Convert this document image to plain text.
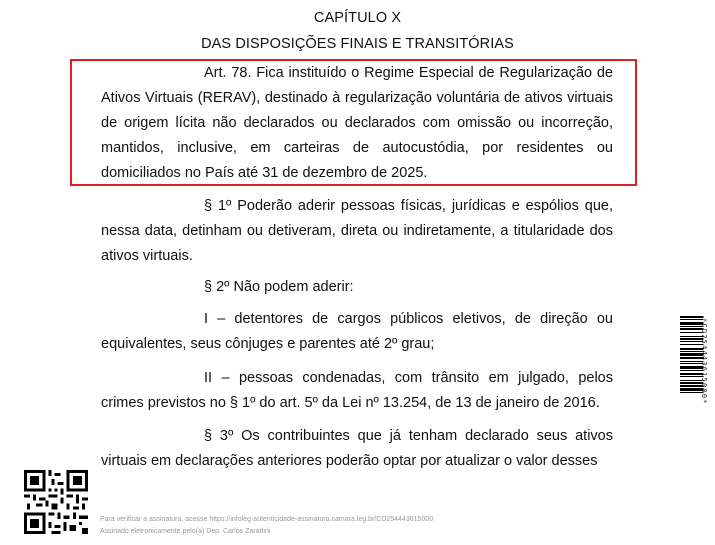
CAPÍTULO X
DAS DISPOSIÇÕES FINAIS E TRANSITÓRIAS

Art. 78. Fica instituído o Regime Especial de Regularização de Ativos Virtuais (RERAV), destinado à regularização voluntária de ativos virtuais de origem lícita não declarados ou declarados com omissão ou incorreção, mantidos, inclusive, em carteiras de autocustódia, por residentes ou domiciliados no País até 31 de dezembro de 2025.

§ 1º Poderão aderir pessoas físicas, jurídicas e espólios que, nessa data, detinham ou detiveram, direta ou indiretamente, a titularidade dos ativos virtuais.

§ 2º Não podem aderir:

I – detentores de cargos públicos eletivos, de direção ou equivalentes, seus cônjuges e parentes até 2º grau;

II – pessoas condenadas, com trânsito em julgado, pelos crimes previstos no § 1º do art. 5º da Lei nº 13.254, de 13 de janeiro de 2016.

§ 3º Os contribuintes que já tenham declarado seus ativos virtuais em declarações anteriores poderão optar por atualizar o valor desses

Para verificar a assinatura, acesse https://infoleg-autenticidade-assinatura.camara.leg.br/CD254443615000
Assinado eletronicamente pelo(a) Dep. Carlos Zarattini
*CD254443615000*
